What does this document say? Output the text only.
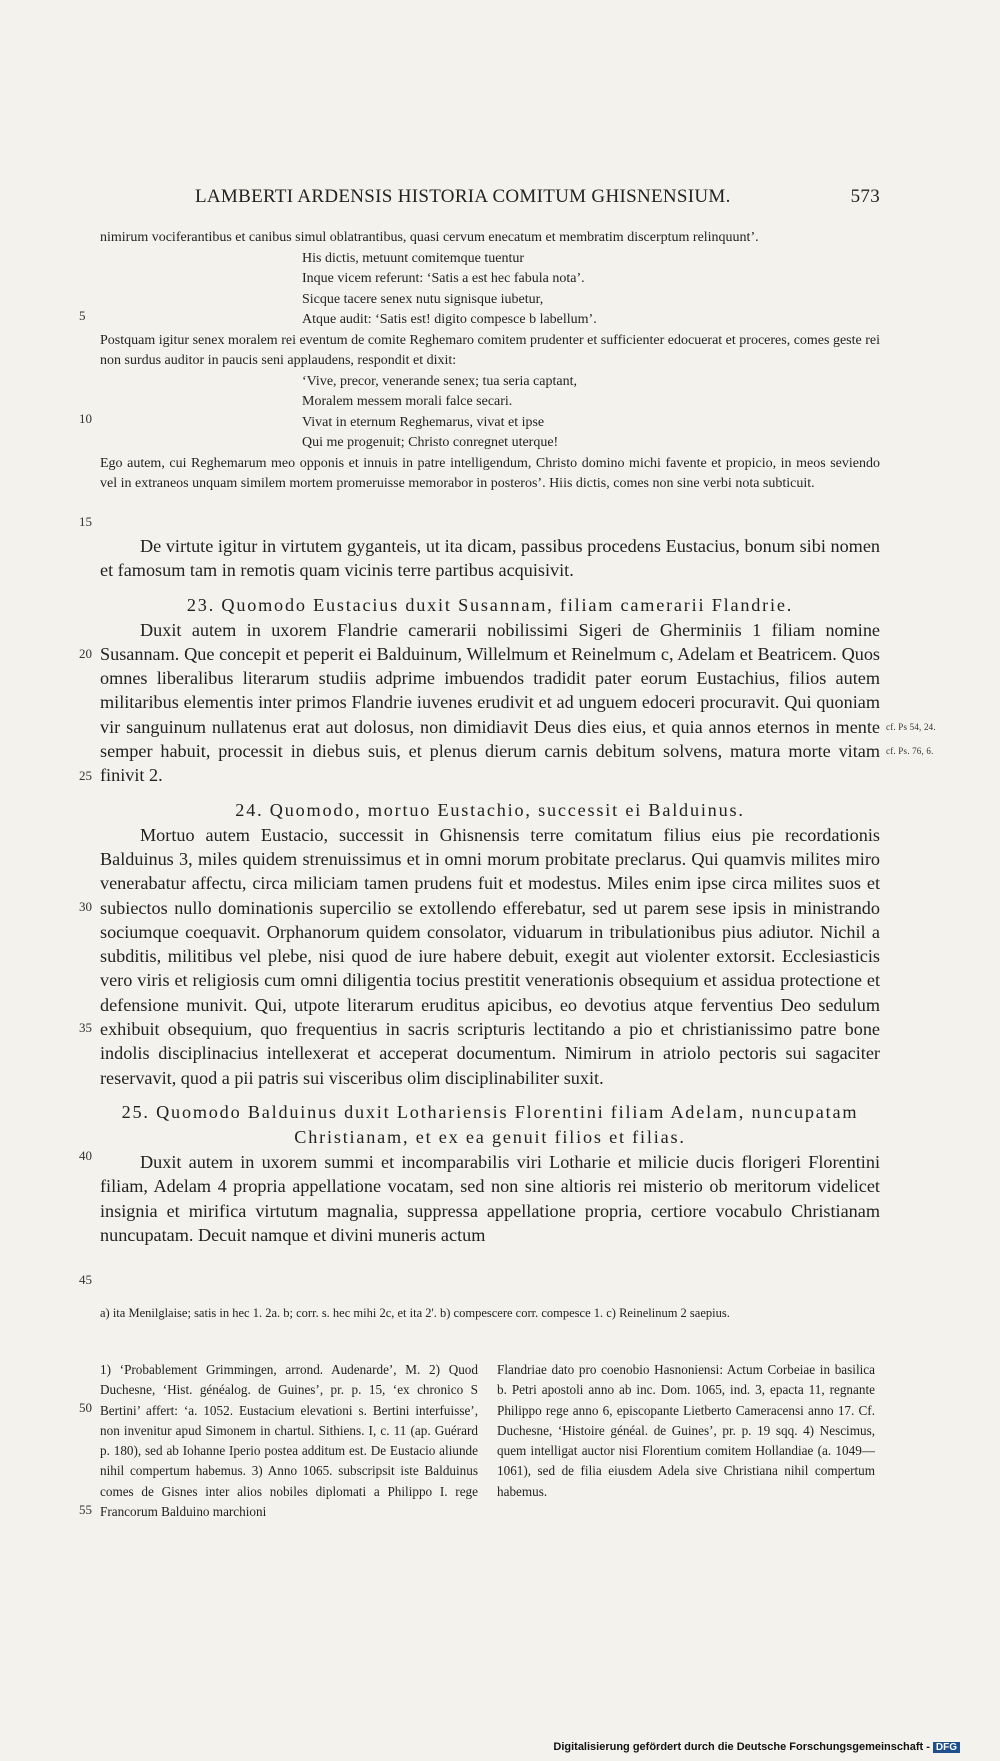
LAMBERTI ARDENSIS HISTORIA COMITUM GHISNENSIUM.	573

nimirum vociferantibus et canibus simul oblatrantibus, quasi cervum enecatum et membratim discerptum relinquunt’.

His dictis, metuunt comitemque tuentur
Inque vicem referunt: ‘Satis a est hec fabula nota’.
Sicque tacere senex nutu signisque iubetur,
Atque audit: ‘Satis est! digito compesce b labellum’.

Postquam igitur senex moralem rei eventum de comite Reghemaro comitem prudenter et sufficienter edocuerat et proceres, comes geste rei non surdus auditor in paucis seni applaudens, respondit et dixit:

‘Vive, precor, venerande senex; tua seria captant,
Moralem messem morali falce secari.
Vivat in eternum Reghemarus, vivat et ipse
Qui me progenuit; Christo conregnet uterque!

Ego autem, cui Reghemarum meo opponis et innuis in patre intelligendum, Christo domino michi favente et propicio, in meos seviendo vel in extraneos unquam similem mortem promeruisse memorabor in posteros’. Hiis dictis, comes non sine verbi nota subticuit.

De virtute igitur in virtutem gyganteis, ut ita dicam, passibus procedens Eustacius, bonum sibi nomen et famosum tam in remotis quam vicinis terre partibus acquisivit.

23. Quomodo Eustacius duxit Susannam, filiam camerarii Flandrie.

Duxit autem in uxorem Flandrie camerarii nobilissimi Sigeri de Gherminiis 1 filiam nomine Susannam. Que concepit et peperit ei Balduinum, Willelmum et Reinelmum c, Adelam et Beatricem. Quos omnes liberalibus literarum studiis adprime imbuendos tradidit pater eorum Eustachius, filios autem militaribus elementis inter primos Flandrie iuvenes erudivit et ad unguem edoceri procuravit. Qui quoniam vir sanguinum nullatenus erat aut dolosus, non dimidiavit Deus dies eius, et quia annos eternos in mente semper habuit, processit in diebus suis, et plenus dierum carnis debitum solvens, matura morte vitam finivit 2.

24. Quomodo, mortuo Eustachio, successit ei Balduinus.

Mortuo autem Eustacio, successit in Ghisnensis terre comitatum filius eius pie recordationis Balduinus 3, miles quidem strenuissimus et in omni morum probitate preclarus. Qui quamvis milites miro venerabatur affectu, circa miliciam tamen prudens fuit et modestus. Miles enim ipse circa milites suos et subiectos nullo dominationis supercilio se extollendo efferebatur, sed ut parem sese ipsis in ministrando sociumque coequavit. Orphanorum quidem consolator, viduarum in tribulationibus pius adiutor. Nichil a subditis, militibus vel plebe, nisi quod de iure habere debuit, exegit aut violenter extorsit. Ecclesiasticis vero viris et religiosis cum omni diligentia tocius prestitit venerationis obsequium et assidua protectione et defensione munivit. Qui, utpote literarum eruditus apicibus, eo devotius atque ferventius Deo sedulum exhibuit obsequium, quo frequentius in sacris scripturis lectitando a pio et christianissimo patre bone indolis disciplinacius intellexerat et acceperat documentum. Nimirum in atriolo pectoris sui sagaciter reservavit, quod a pii patris sui visceribus olim disciplinabiliter suxit.

25. Quomodo Balduinus duxit Lothariensis Florentini filiam Adelam, nuncupatam Christianam, et ex ea genuit filios et filias.

Duxit autem in uxorem summi et incomparabilis viri Lotharie et milicie ducis florigeri Florentini filiam, Adelam 4 propria appellatione vocatam, sed non sine altioris rei misterio ob meritorum videlicet insignia et mirifica virtutum magnalia, suppressa appellatione propria, certiore vocabulo Christianam nuncupatam. Decuit namque et divini muneris actum

5
10
15
20
25
30
35
40
45
50
55
cf. Ps 54, 24.
cf. Ps. 76, 6.
a) ita Menilglaise; satis in hec 1. 2a. b; corr. s. hec mihi 2c, et ita 2'. b) compescere corr. compesce 1. c) Reinelinum 2 saepius.
1) ‘Probablement Grimmingen, arrond. Audenarde’, M. 2) Quod Duchesne, ‘Hist. généalog. de Guines’, pr. p. 15, ‘ex chronico S Bertini’ affert: ‘a. 1052. Eustacium elevationi s. Bertini interfuisse’, non invenitur apud Simonem in chartul. Sithiens. I, c. 11 (ap. Guérard p. 180), sed ab Iohanne Iperio postea additum est. De Eustacio aliunde nihil compertum habemus. 3) Anno 1065. subscripsit iste Balduinus comes de Gisnes inter alios nobiles diplomati a Philippo I. rege Francorum Balduino marchioni
Flandriae dato pro coenobio Hasnoniensi: Actum Corbeiae in basilica b. Petri apostoli anno ab inc. Dom. 1065, ind. 3, epacta 11, regnante Philippo rege anno 6, episcopante Lietberto Cameracensi anno 17. Cf. Duchesne, ‘Histoire généal. de Guines’, pr. p. 19 sqq. 4) Nescimus, quem intelligat auctor nisi Florentium comitem Hollandiae (a. 1049—1061), sed de filia eiusdem Adela sive Christiana nihil compertum habemus.
Digitalisierung gefördert durch die Deutsche Forschungsgemeinschaft - DFG
